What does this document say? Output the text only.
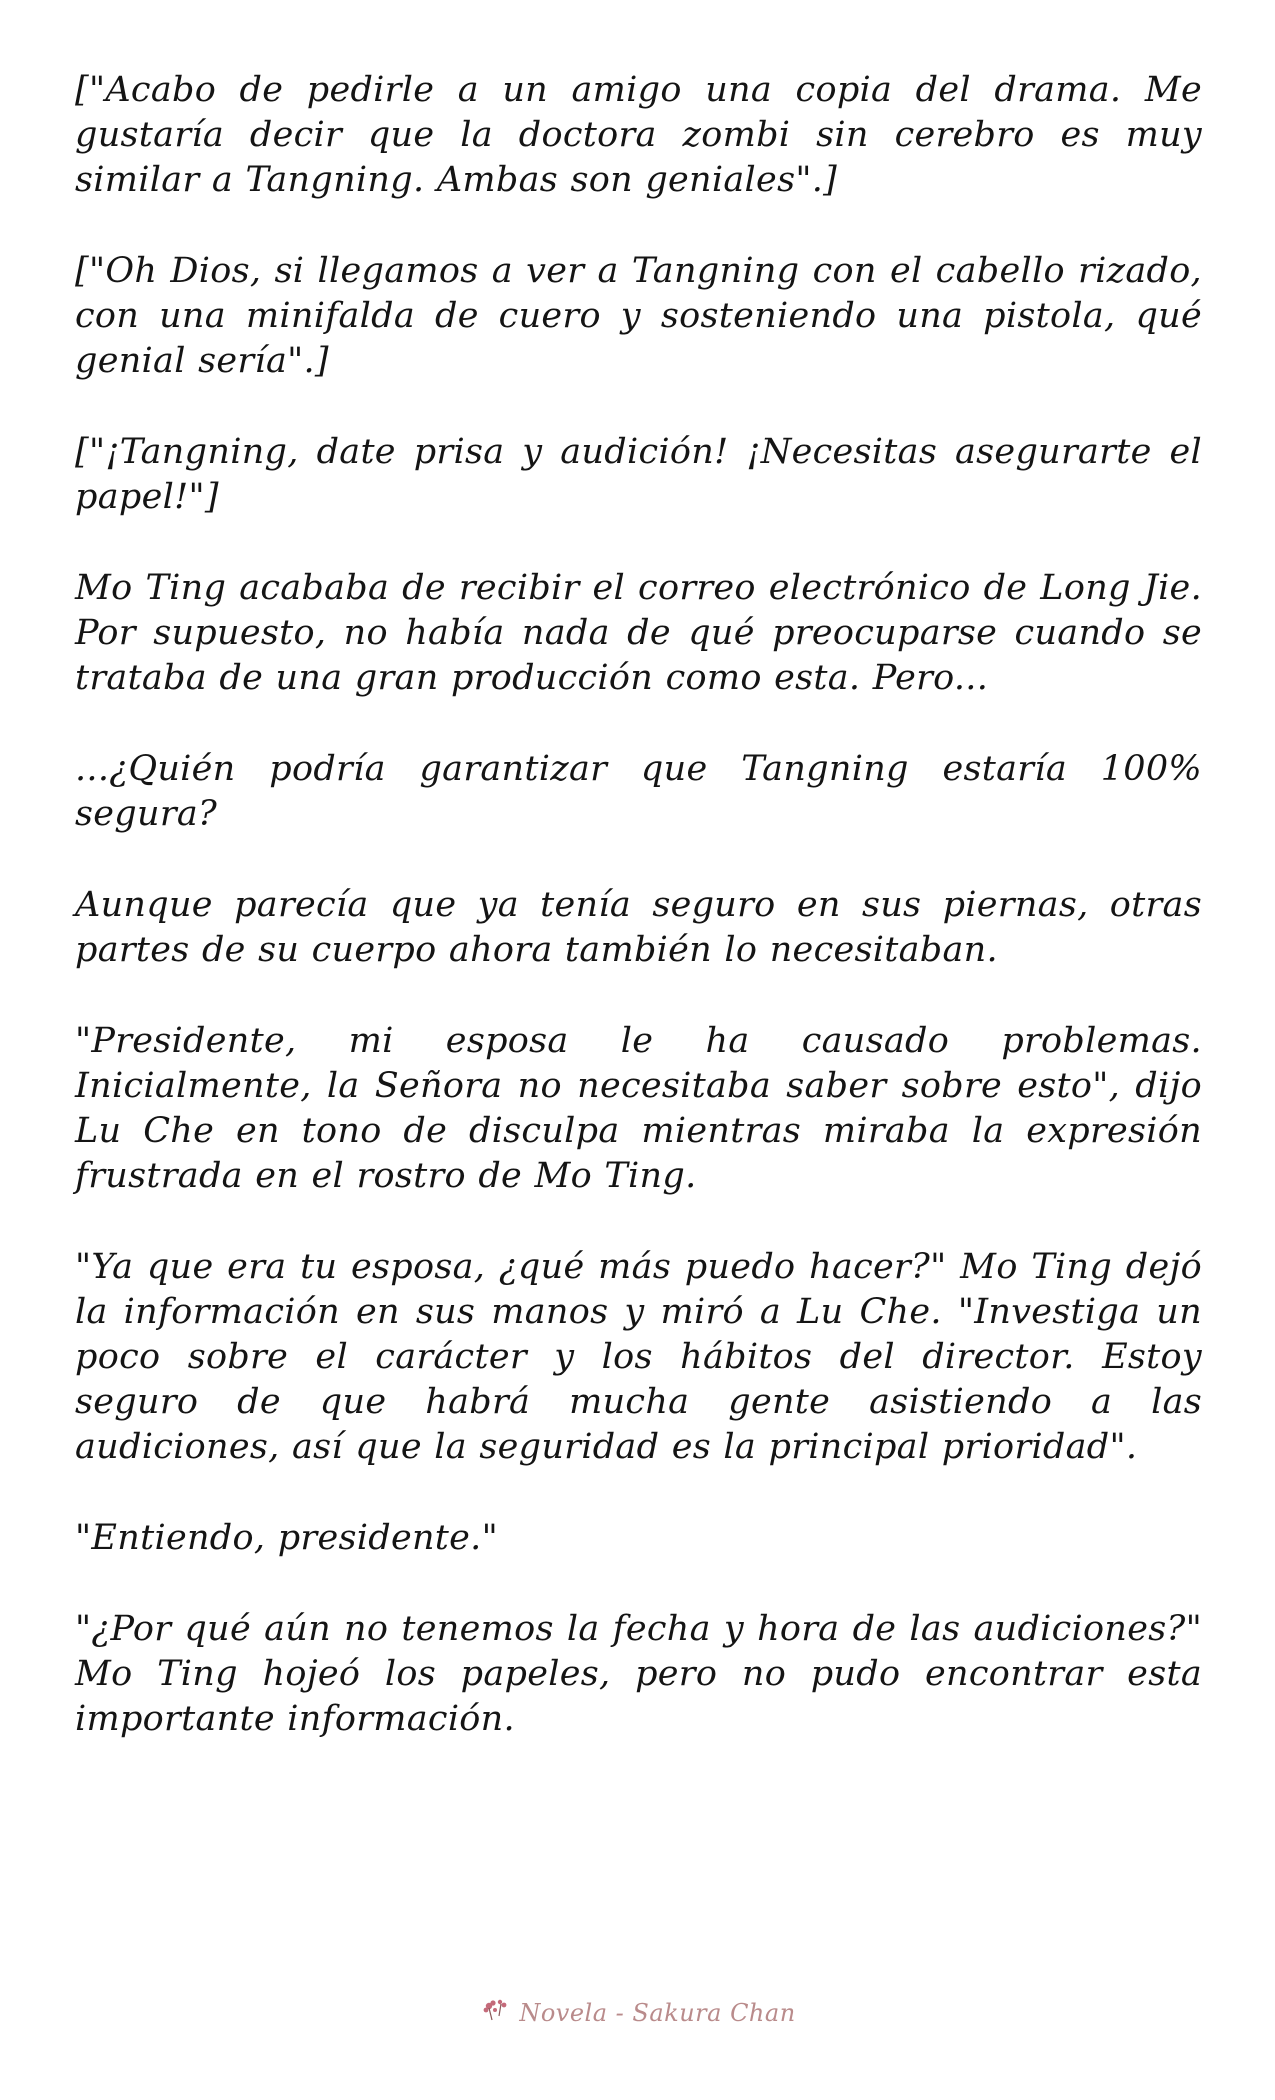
["Acabo de pedirle a un amigo una copia del drama. Me gustaría decir que la doctora zombi sin cerebro es muy similar a Tangning. Ambas son geniales".]

["Oh Dios, si llegamos a ver a Tangning con el cabello rizado, con una minifalda de cuero y sosteniendo una pistola, qué genial sería".]

["¡Tangning, date prisa y audición! ¡Necesitas asegurarte el papel!"]

Mo Ting acababa de recibir el correo electrónico de Long Jie. Por supuesto, no había nada de qué preocuparse cuando se trataba de una gran producción como esta. Pero...

...¿Quién podría garantizar que Tangning estaría 100% segura?

Aunque parecía que ya tenía seguro en sus piernas, otras partes de su cuerpo ahora también lo necesitaban.

"Presidente, mi esposa le ha causado problemas. Inicialmente, la Señora no necesitaba saber sobre esto", dijo Lu Che en tono de disculpa mientras miraba la expresión frustrada en el rostro de Mo Ting.

"Ya que era tu esposa, ¿qué más puedo hacer?" Mo Ting dejó la información en sus manos y miró a Lu Che. "Investiga un poco sobre el carácter y los hábitos del director. Estoy seguro de que habrá mucha gente asistiendo a las audiciones, así que la seguridad es la principal prioridad".

"Entiendo, presidente."

"¿Por qué aún no tenemos la fecha y hora de las audiciones?" Mo Ting hojeó los papeles, pero no pudo encontrar esta importante información.

Novela - Sakura Chan
